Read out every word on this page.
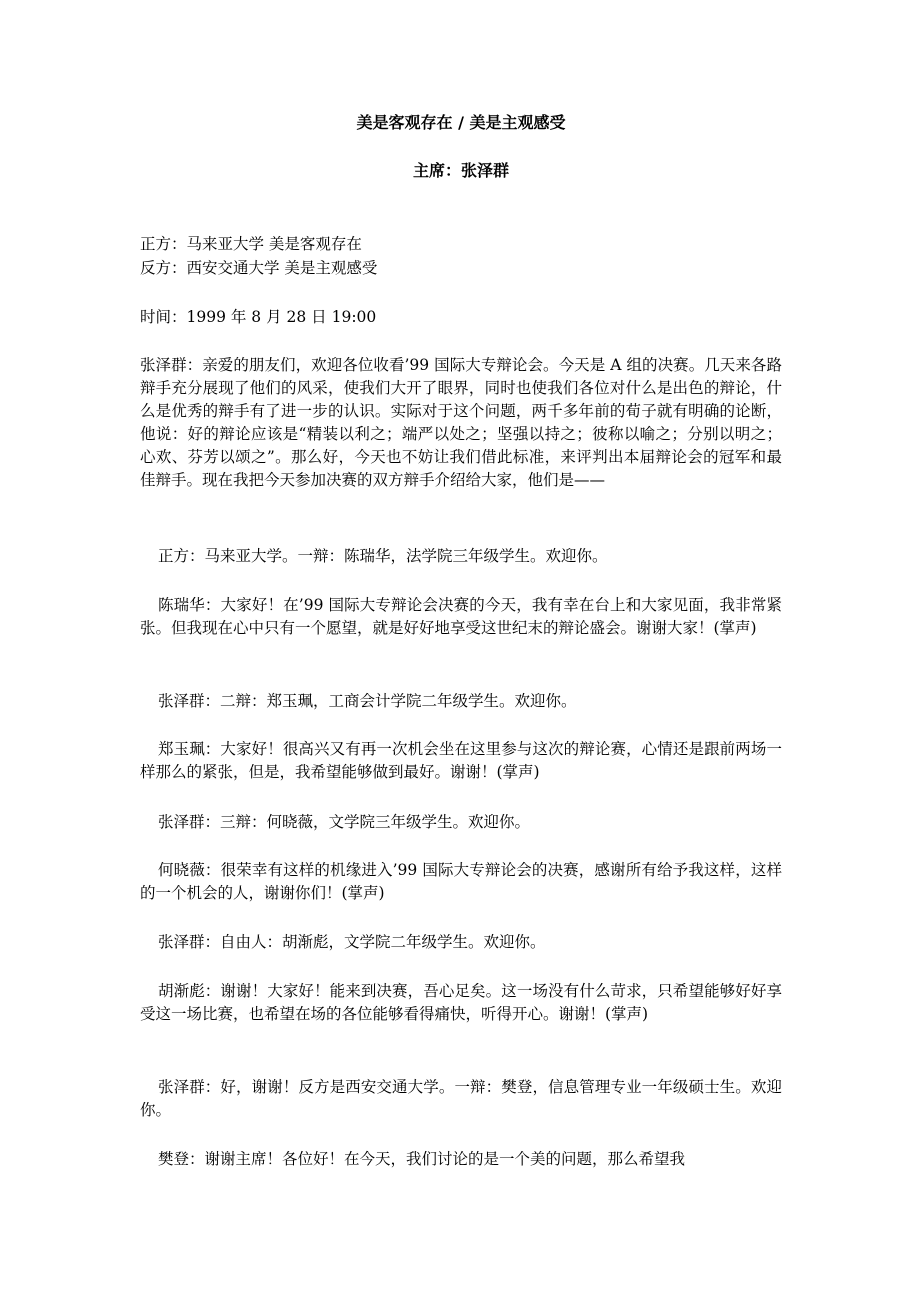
美是客观存在 / 美是主观感受
主席：张泽群
正方：马来亚大学 美是客观存在
反方：西安交通大学 美是主观感受
时间：1999 年 8 月 28 日 19:00
张泽群：亲爱的朋友们，欢迎各位收看’99 国际大专辩论会。今天是 A 组的决赛。几天来各路辩手充分展现了他们的风采，使我们大开了眼界，同时也使我们各位对什么是出色的辩论，什么是优秀的辩手有了进一步的认识。实际对于这个问题，两千多年前的荀子就有明确的论断，他说：好的辩论应该是“精装以利之；端严以处之；坚强以持之；彼称以喻之；分别以明之；心欢、芬芳以颂之”。那么好，今天也不妨让我们借此标准，来评判出本届辩论会的冠军和最佳辩手。现在我把今天参加决赛的双方辩手介绍给大家，他们是——
正方：马来亚大学。一辩：陈瑞华，法学院三年级学生。欢迎你。
陈瑞华：大家好！在’99 国际大专辩论会决赛的今天，我有幸在台上和大家见面，我非常紧张。但我现在心中只有一个愿望，就是好好地享受这世纪末的辩论盛会。谢谢大家！(掌声)
张泽群：二辩：郑玉珮，工商会计学院二年级学生。欢迎你。
郑玉珮：大家好！很高兴又有再一次机会坐在这里参与这次的辩论赛，心情还是跟前两场一样那么的紧张，但是，我希望能够做到最好。谢谢！(掌声)
张泽群：三辩：何晓薇，文学院三年级学生。欢迎你。
何晓薇：很荣幸有这样的机缘进入’99 国际大专辩论会的决赛，感谢所有给予我这样，这样的一个机会的人，谢谢你们！(掌声)
张泽群：自由人：胡渐彪，文学院二年级学生。欢迎你。
胡渐彪：谢谢！大家好！能来到决赛，吾心足矣。这一场没有什么苛求，只希望能够好好享受这一场比赛，也希望在场的各位能够看得痛快，听得开心。谢谢！(掌声)
张泽群：好，谢谢！反方是西安交通大学。一辩：樊登，信息管理专业一年级硕士生。欢迎你。
樊登：谢谢主席！各位好！在今天，我们讨论的是一个美的问题，那么希望我
